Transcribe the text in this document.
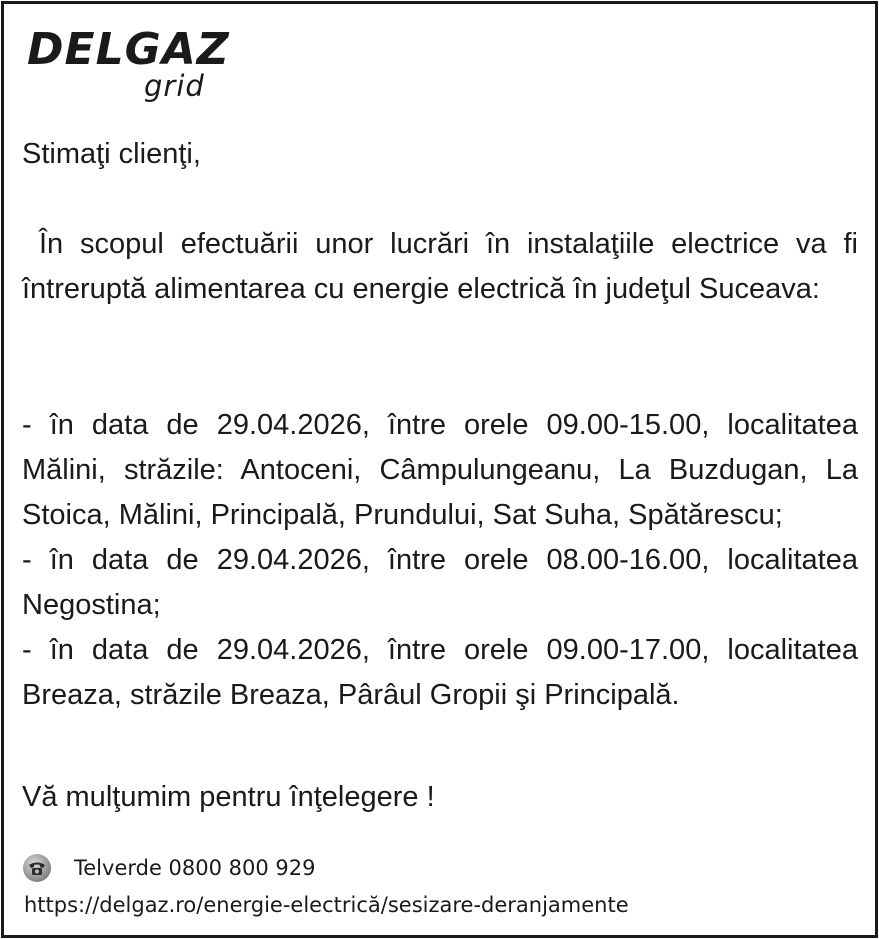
DELGAZ
grid
Stimaţi clienţi,
În scopul efectuării unor lucrări în instalaţiile electrice va fi întreruptă alimentarea cu energie electrică în judeţul Suceava:

- în data de 29.04.2026, între orele 09.00-15.00, localitatea Mălini, străzile: Antoceni, Câmpulungeanu, La Buzdugan, La Stoica, Mălini, Principală, Prundului, Sat Suha, Spătărescu;

- în data de 29.04.2026, între orele 08.00-16.00, localitatea Negostina;

- în data de 29.04.2026, între orele 09.00-17.00, localitatea Breaza, străzile Breaza, Pârâul Gropii şi Principală.

Vă mulţumim pentru înţelegere !
Telverde 0800 800 929
https://delgaz.ro/energie-electrică/sesizare-deranjamente
